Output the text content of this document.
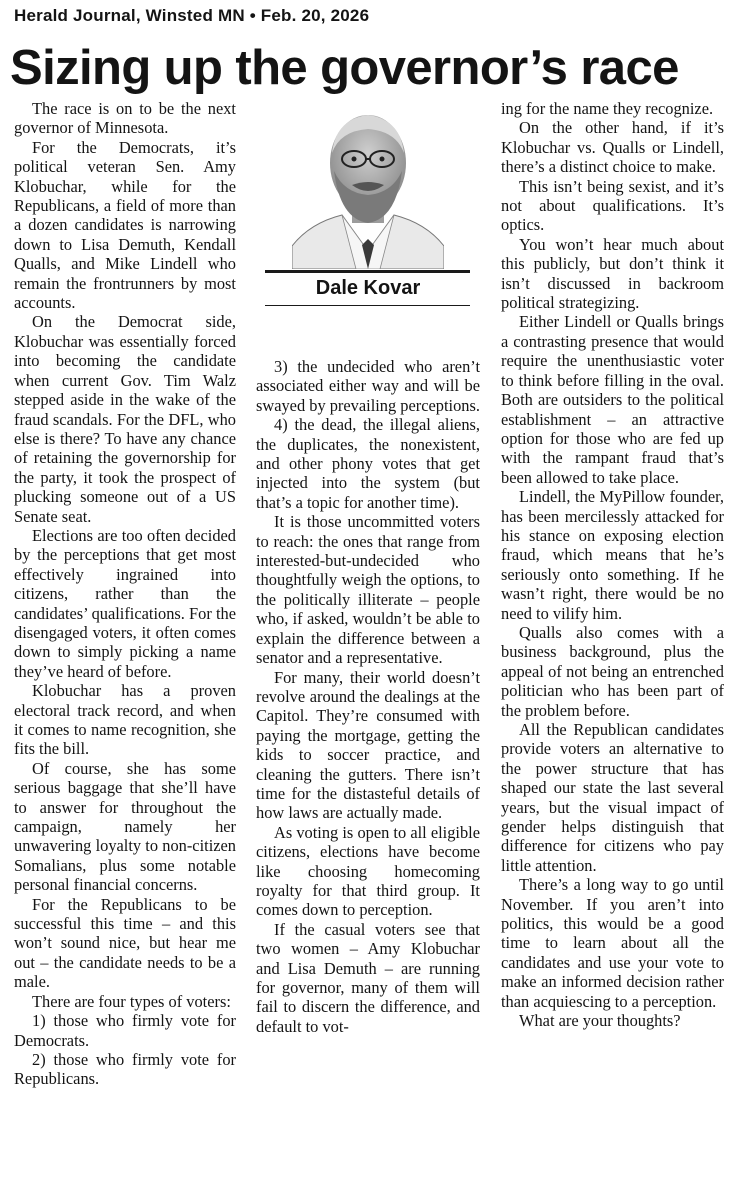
Herald Journal, Winsted MN • Feb. 20, 2026
Sizing up the governor’s race

The race is on to be the next governor of Minnesota.

For the Democrats, it’s political veteran Sen. Amy Klobuchar, while for the Republicans, a field of more than a dozen candidates is narrowing down to Lisa Demuth, Kendall Qualls, and Mike Lindell who remain the frontrunners by most accounts.

On the Democrat side, Klobuchar was essentially forced into becoming the candidate when current Gov. Tim Walz stepped aside in the wake of the fraud scandals. For the DFL, who else is there? To have any chance of retaining the governorship for the party, it took the prospect of plucking someone out of a US Senate seat.

Elections are too often decided by the perceptions that get most effectively ingrained into citizens, rather than the candidates’ qualifications. For the disengaged voters, it often comes down to simply picking a name they’ve heard of before.

Klobuchar has a proven electoral track record, and when it comes to name recognition, she fits the bill.

Of course, she has some serious baggage that she’ll have to answer for throughout the campaign, namely her unwavering loyalty to non-citizen Somalians, plus some notable personal financial concerns.

For the Republicans to be successful this time – and this won’t sound nice, but hear me out – the candidate needs to be a male.

There are four types of voters:

1) those who firmly vote for Democrats.

2) those who firmly vote for Republicans.

Dale Kovar

3) the undecided who aren’t associated either way and will be swayed by prevailing perceptions.

4) the dead, the illegal aliens, the duplicates, the nonexistent, and other phony votes that get injected into the system (but that’s a topic for another time).

It is those uncommitted voters to reach: the ones that range from interested-but-undecided who thoughtfully weigh the options, to the politically illiterate – people who, if asked, wouldn’t be able to explain the difference between a senator and a representative.

For many, their world doesn’t revolve around the dealings at the Capitol. They’re consumed with paying the mortgage, getting the kids to soccer practice, and cleaning the gutters. There isn’t time for the distasteful details of how laws are actually made.

As voting is open to all eligible citizens, elections have become like choosing homecoming royalty for that third group. It comes down to perception.

If the casual voters see that two women – Amy Klobuchar and Lisa Demuth – are running for governor, many of them will fail to discern the difference, and default to vot-

ing for the name they recognize.

On the other hand, if it’s Klobuchar vs. Qualls or Lindell, there’s a distinct choice to make.

This isn’t being sexist, and it’s not about qualifications. It’s optics.

You won’t hear much about this publicly, but don’t think it isn’t discussed in backroom political strategizing.

Either Lindell or Qualls brings a contrasting presence that would require the unenthusiastic voter to think before filling in the oval. Both are outsiders to the political establishment – an attractive option for those who are fed up with the rampant fraud that’s been allowed to take place.

Lindell, the MyPillow founder, has been mercilessly attacked for his stance on exposing election fraud, which means that he’s seriously onto something. If he wasn’t right, there would be no need to vilify him.

Qualls also comes with a business background, plus the appeal of not being an entrenched politician who has been part of the problem before.

All the Republican candidates provide voters an alternative to the power structure that has shaped our state the last several years, but the visual impact of gender helps distinguish that difference for citizens who pay little attention.

There’s a long way to go until November. If you aren’t into politics, this would be a good time to learn about all the candidates and use your vote to make an informed decision rather than acquiescing to a perception.

What are your thoughts?
